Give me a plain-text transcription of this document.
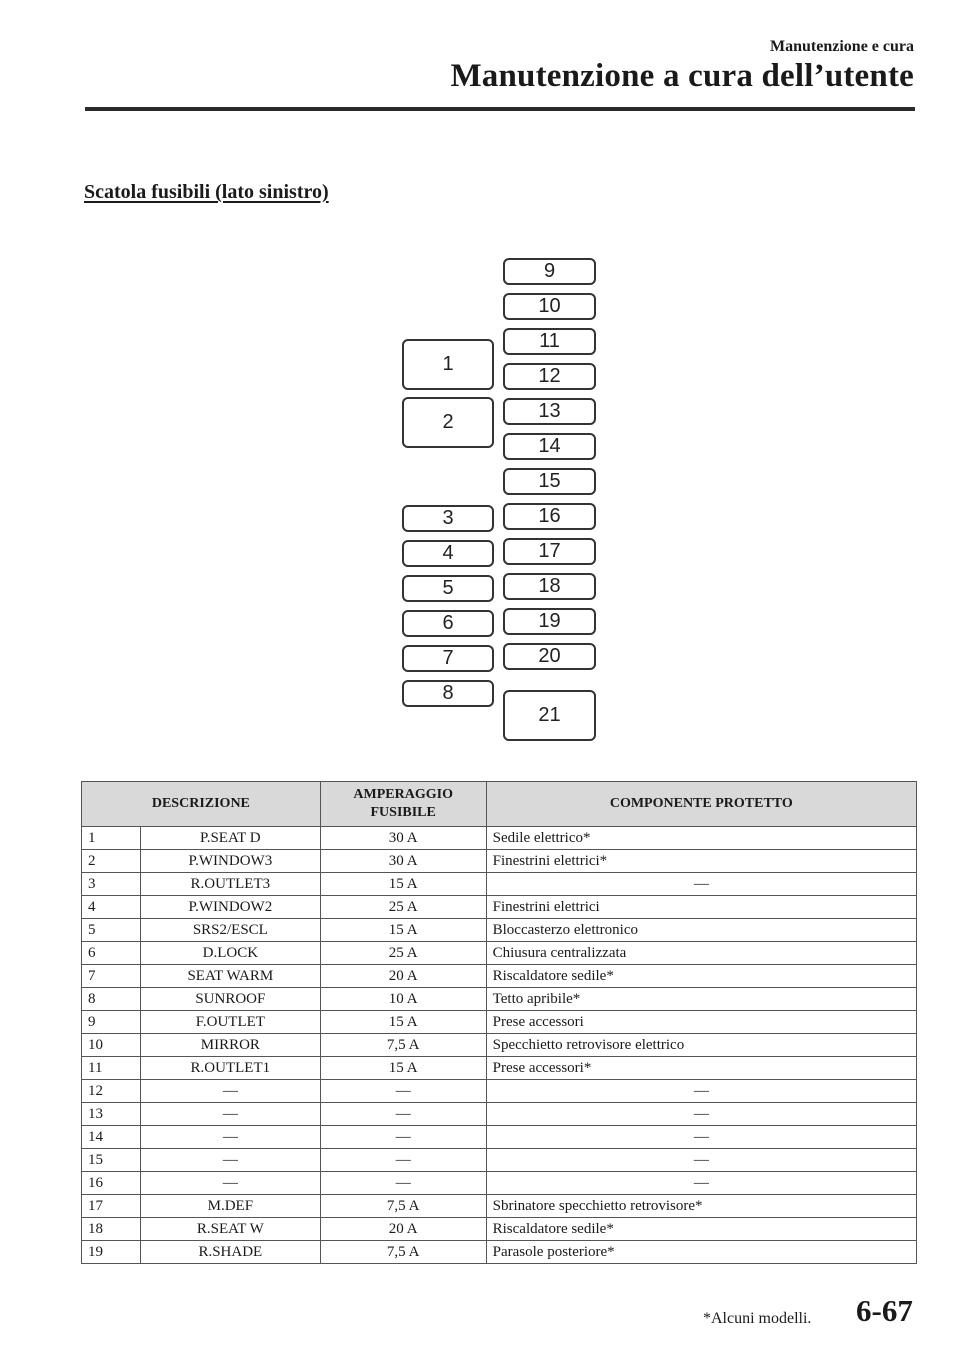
Manutenzione e cura
Manutenzione a cura dell’utente
Scatola fusibili (lato sinistro)
1
2
3
4
5
6
7
8
9
10
11
12
13
14
15
16
17
18
19
20
21
DESCRIZIONE		AMPERAGGIO
FUSIBILE	COMPONENTE PROTETTO
1	P.SEAT D	30 A	Sedile elettrico*
2	P.WINDOW3	30 A	Finestrini elettrici*
3	R.OUTLET3	15 A	—
4	P.WINDOW2	25 A	Finestrini elettrici
5	SRS2/ESCL	15 A	Bloccasterzo elettronico
6	D.LOCK	25 A	Chiusura centralizzata
7	SEAT WARM	20 A	Riscaldatore sedile*
8	SUNROOF	10 A	Tetto apribile*
9	F.OUTLET	15 A	Prese accessori
10	MIRROR	7,5 A	Specchietto retrovisore elettrico
11	R.OUTLET1	15 A	Prese accessori*
12	—	—	—
13	—	—	—
14	—	—	—
15	—	—	—
16	—	—	—
17	M.DEF	7,5 A	Sbrinatore specchietto retrovisore*
18	R.SEAT W	20 A	Riscaldatore sedile*
19	R.SHADE	7,5 A	Parasole posteriore*
*Alcuni modelli. 6-67
